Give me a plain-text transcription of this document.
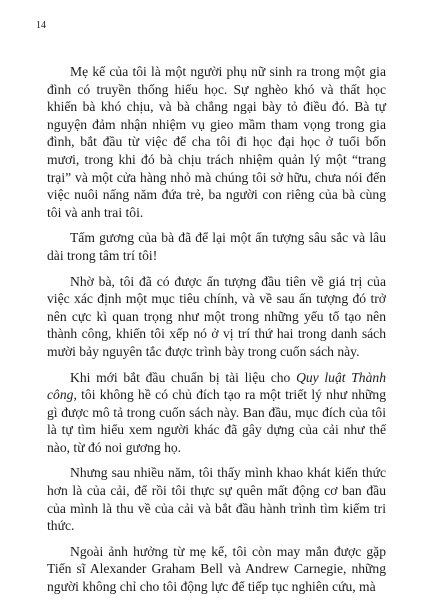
14

Mẹ kế của tôi là một người phụ nữ sinh ra trong một gia đình có truyền thống hiếu học. Sự nghèo khó và thất học khiến bà khó chịu, và bà chẳng ngại bày tỏ điều đó. Bà tự nguyện đảm nhận nhiệm vụ gieo mầm tham vọng trong gia đình, bắt đầu từ việc để cha tôi đi học đại học ở tuổi bốn mươi, trong khi đó bà chịu trách nhiệm quản lý một “trang trại” và một cửa hàng nhỏ mà chúng tôi sở hữu, chưa nói đến việc nuôi nấng năm đứa trẻ, ba người con riêng của bà cùng tôi và anh trai tôi.

Tấm gương của bà đã để lại một ấn tượng sâu sắc và lâu dài trong tâm trí tôi!

Nhờ bà, tôi đã có được ấn tượng đầu tiên về giá trị của việc xác định một mục tiêu chính, và về sau ấn tượng đó trở nên cực kì quan trọng như một trong những yếu tố tạo nên thành công, khiến tôi xếp nó ở vị trí thứ hai trong danh sách mười bảy nguyên tắc được trình bày trong cuốn sách này.

Khi mới bắt đầu chuẩn bị tài liệu cho Quy luật Thành công, tôi không hề có chủ đích tạo ra một triết lý như những gì được mô tả trong cuốn sách này. Ban đầu, mục đích của tôi là tự tìm hiểu xem người khác đã gây dựng của cải như thế nào, từ đó noi gương họ.

Nhưng sau nhiều năm, tôi thấy mình khao khát kiến thức hơn là của cải, để rồi tôi thực sự quên mất động cơ ban đầu của mình là thu về của cải và bắt đầu hành trình tìm kiếm tri thức.

Ngoài ảnh hưởng từ mẹ kế, tôi còn may mắn được gặp Tiến sĩ Alexander Graham Bell và Andrew Carnegie, những người không chỉ cho tôi động lực để tiếp tục nghiên cứu, mà
